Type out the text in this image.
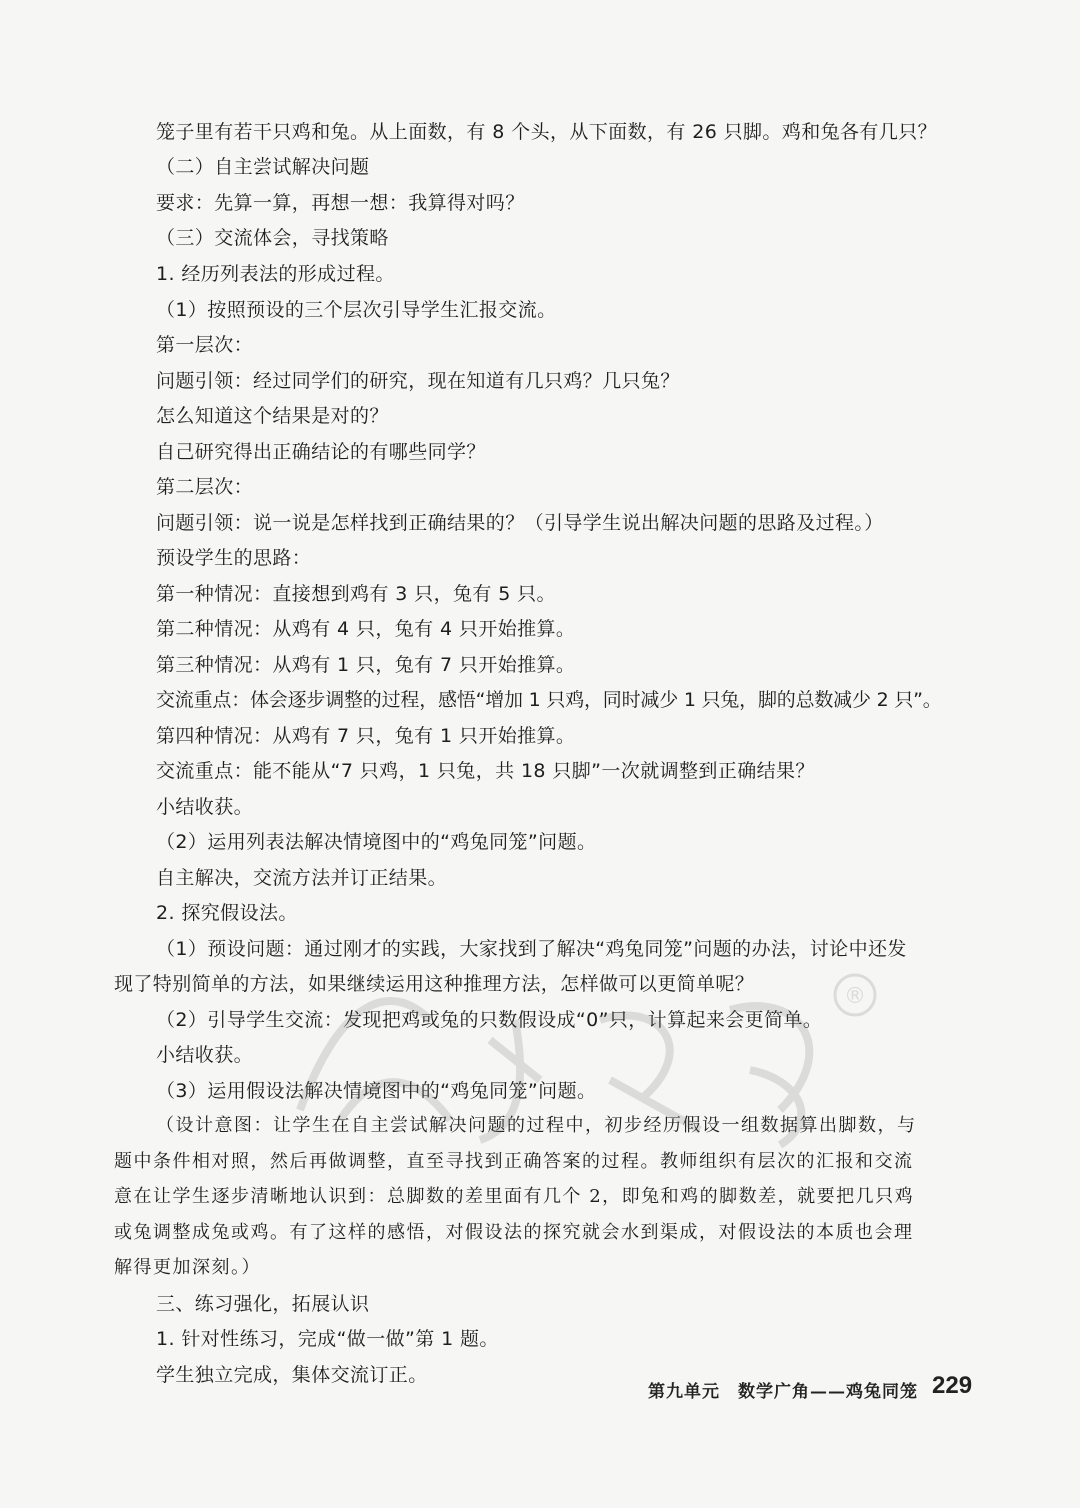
笼子里有若干只鸡和兔。从上面数，有 8 个头，从下面数，有 26 只脚。鸡和兔各有几只？
（二）自主尝试解决问题
要求：先算一算，再想一想：我算得对吗？
（三）交流体会，寻找策略
1. 经历列表法的形成过程。
（1）按照预设的三个层次引导学生汇报交流。
第一层次：
问题引领：经过同学们的研究，现在知道有几只鸡？几只兔？
怎么知道这个结果是对的？
自己研究得出正确结论的有哪些同学？
第二层次：
问题引领：说一说是怎样找到正确结果的？（引导学生说出解决问题的思路及过程。）
预设学生的思路：
第一种情况：直接想到鸡有 3 只，兔有 5 只。
第二种情况：从鸡有 4 只，兔有 4 只开始推算。
第三种情况：从鸡有 1 只，兔有 7 只开始推算。
交流重点：体会逐步调整的过程，感悟“增加 1 只鸡，同时减少 1 只兔，脚的总数减少 2 只”。
第四种情况：从鸡有 7 只，兔有 1 只开始推算。
交流重点：能不能从“7 只鸡，1 只兔，共 18 只脚”一次就调整到正确结果？
小结收获。
（2）运用列表法解决情境图中的“鸡兔同笼”问题。
自主解决，交流方法并订正结果。
2. 探究假设法。
（1）预设问题：通过刚才的实践，大家找到了解决“鸡兔同笼”问题的办法，讨论中还发
现了特别简单的方法，如果继续运用这种推理方法，怎样做可以更简单呢？
（2）引导学生交流：发现把鸡或兔的只数假设成“0”只，计算起来会更简单。
小结收获。
（3）运用假设法解决情境图中的“鸡兔同笼”问题。
（设计意图：让学生在自主尝试解决问题的过程中，初步经历假设一组数据算出脚数，与
题中条件相对照，然后再做调整，直至寻找到正确答案的过程。教师组织有层次的汇报和交流
意在让学生逐步清晰地认识到：总脚数的差里面有几个 2，即兔和鸡的脚数差，就要把几只鸡
或兔调整成兔或鸡。有了这样的感悟，对假设法的探究就会水到渠成，对假设法的本质也会理
解得更加深刻。）
三、练习强化，拓展认识
1. 针对性练习，完成“做一做”第 1 题。
学生独立完成，集体交流订正。
®
第九单元　数学广角——鸡兔同笼 229
